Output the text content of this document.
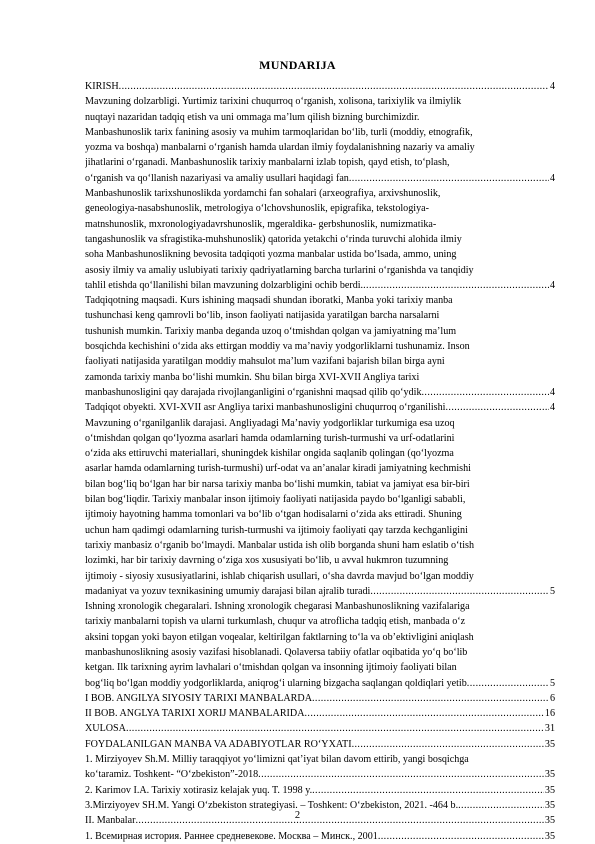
MUNDARIJA
KIRISH .....	4
Mavzuning dolzarbligi. Yurtimiz tarixini chuqurroq o‘rganish, xolisona, tarixiylik va ilmiylik
nuqtayi nazaridan tadqiq etish va uni ommaga ma’lum qilish bizning burchimizdir.
Manbashunoslik tarix fanining asosiy va muhim tarmoqlaridan bo‘lib, turli (moddiy, etnografik,
yozma va boshqa) manbalarni o‘rganish hamda ulardan ilmiy foydalanishning nazariy va amaliy
jihatlarini o‘rganadi. Manbashunoslik tarixiy manbalarni izlab topish, qayd etish, to‘plash,
o‘rganish va qo‘llanish nazariyasi va amaliy usullari haqidagi fan .....	4
Manbashunoslik tarixshunoslikda yordamchi fan sohalari (arxeografiya, arxivshunoslik,
geneologiya-nasabshunoslik, metrologiya o‘lchovshunoslik, epigrafika, tekstologiya-
matnshunoslik, mxronologiyadavrshunoslik, mgeraldika- gerbshunoslik, numizmatika-
tangashunoslik va sfragistika-muhshunoslik) qatorida yetakchi o‘rinda turuvchi alohida ilmiy
soha Manbashunoslikning bevosita tadqiqoti yozma manbalar ustida bo‘lsada, ammo, uning
asosiy ilmiy va amaliy uslubiyati tarixiy qadriyatlarning barcha turlarini o‘rganishda va tanqidiy
tahlil etishda qo‘llanilishi bilan mavzuning dolzarbligini ochib berdi. .....	4
Tadqiqotning maqsadi. Kurs ishining maqsadi shundan iboratki, Manba yoki tarixiy manba
tushunchasi keng qamrovli bo‘lib, inson faoliyati natijasida yaratilgan barcha narsalarni
tushunish mumkin. Tarixiy manba deganda uzoq o‘tmishdan qolgan va jamiyatning ma’lum
bosqichda kechishini o‘zida aks ettirgan moddiy va ma’naviy yodgorliklarni tushunamiz. Inson
faoliyati natijasida yaratilgan moddiy mahsulot ma’lum vazifani bajarish bilan birga ayni
zamonda tarixiy manba bo‘lishi mumkin. Shu bilan birga XVI-XVII Angliya tarixi
manbashunosligini qay darajada rivojlanganligini o‘rganishni maqsad qilib qo‘ydik .....	4
Tadqiqot obyekti. XVI-XVII asr Angliya tarixi manbashunosligini chuqurroq o‘rganilishi .....	4
Mavzuning o‘rganilganlik darajasi. Angliyadagi Ma’naviy yodgorliklar turkumiga esa uzoq
o‘tmishdan qolgan qo‘lyozma asarlari hamda odamlarning turish-turmushi va urf-odatlarini
o‘zida aks ettiruvchi materiallari, shuningdek kishilar ongida saqlanib qolingan (qo‘lyozma
asarlar hamda odamlarning turish-turmushi) urf-odat va an’analar kiradi jamiyatning kechmishi
bilan bog‘liq bo‘lgan har bir narsa tarixiy manba bo‘lishi mumkin, tabiat va jamiyat esa bir-biri
bilan bog‘liqdir. Tarixiy manbalar inson ijtimoiy faoliyati natijasida paydo bo‘lganligi sababli,
ijtimoiy hayotning hamma tomonlari va bo‘lib o‘tgan hodisalarni o‘zida aks ettiradi. Shuning
uchun ham qadimgi odamlarning turish-turmushi va ijtimoiy faoliyati qay tarzda kechganligini
tarixiy manbasiz o‘rganib bo‘lmaydi. Manbalar ustida ish olib borganda shuni ham eslatib o‘tish
lozimki, har bir tarixiy davrning o‘ziga xos xususiyati bo‘lib, u avval hukmron tuzumning
ijtimoiy - siyosiy xususiyatlarini, ishlab chiqarish usullari, o‘sha davrda mavjud bo‘lgan moddiy
madaniyat va yozuv texnikasining umumiy darajasi bilan ajralib turadi .....	5
Ishning xronologik chegaralari. Ishning xronologik chegarasi Manbashunoslikning vazifalariga
tarixiy manbalarni topish va ularni turkumlash, chuqur va atroflicha tadqiq etish, manbada o‘z
aksini topgan yoki bayon etilgan voqealar, keltirilgan faktlarning to‘la va ob’ektivligini aniqlash
manbashunoslikning asosiy vazifasi hisoblanadi. Qolaversa tabiiy ofatlar oqibatida yo‘q bo‘lib
ketgan. Ilk tarixning ayrim lavhalari o‘tmishdan qolgan va insonning ijtimoiy faoliyati bilan
bog‘liq bo‘lgan moddiy yodgorliklarda, aniqrog‘i ularning bizgacha saqlangan qoldiqlari yetib .....	5
I BOB. ANGILYA SIYOSIY TARIXI MANBALARDA .....	6
II BOB. ANGLYA TARIXI XORIJ MANBALARIDA .....	16
XULOSA .....	31
FOYDALANILGAN MANBA VA ADABIYOTLAR RO‘YXATI .....	35
1. Mirziyoyev Sh.M. Milliy taraqqiyot yo‘limizni qat’iyat bilan davom ettirib, yangi bosqichga
ko‘taramiz. Toshkent- “O‘zbekiston”-2018 .....	35
2. Karimov I.A. Tarixiy xotirasiz kelajak yuq. T. 1998 y. .....	35
3.Mirziyoyev SH.M. Yangi O‘zbekiston strategiyasi. – Toshkent: O‘zbekiston, 2021. -464 b. .....	35
II. Manbalar .....	35
1. Всемирная история. Раннее средневекове. Москва – Минск., 2001 .....	35
2
